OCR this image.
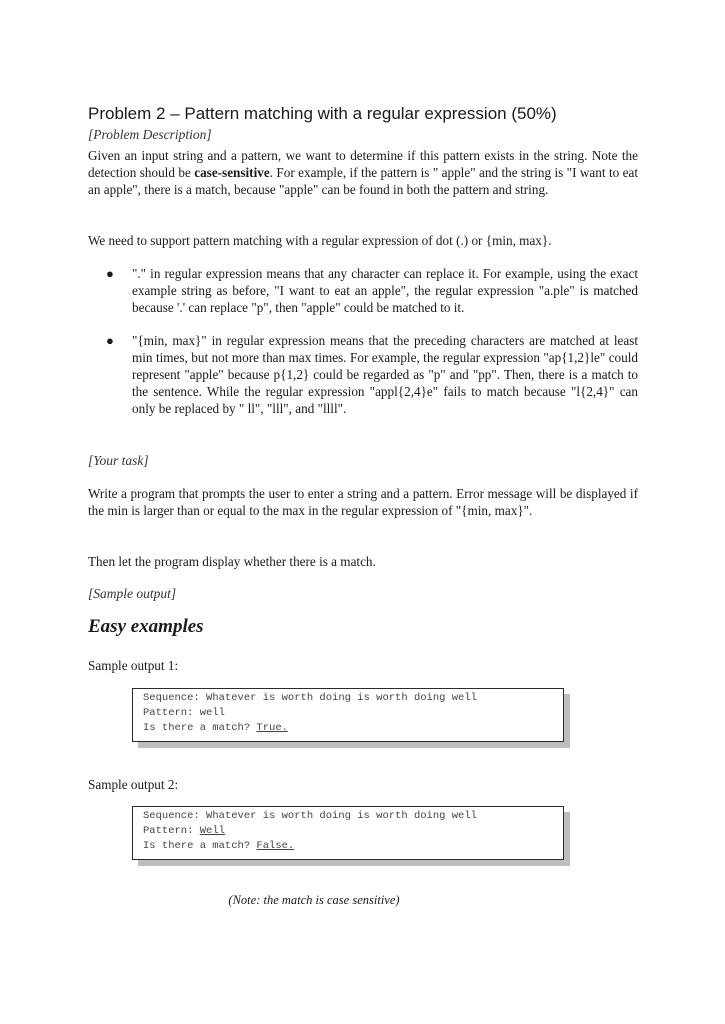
Problem 2 – Pattern matching with a regular expression (50%)
[Problem Description]

Given an input string and a pattern, we want to determine if this pattern exists in the string. Note the detection should be case-sensitive. For example, if the pattern is " apple" and the string is "I want to eat an apple", there is a match, because "apple" can be found in both the pattern and string.

We need to support pattern matching with a regular expression of dot (.) or {min, max}.

● "." in regular expression means that any character can replace it. For example, using the exact example string as before, "I want to eat an apple", the regular expression "a.ple" is matched because '.' can replace "p", then "apple" could be matched to it.
● "{min, max}" in regular expression means that the preceding characters are matched at least min times, but not more than max times. For example, the regular expression "ap{1,2}le" could represent "apple" because p{1,2} could be regarded as "p" and "pp". Then, there is a match to the sentence. While the regular expression "appl{2,4}e" fails to match because "l{2,4}" can only be replaced by " ll", "lll", and "llll".
[Your task]

Write a program that prompts the user to enter a string and a pattern. Error message will be displayed if the min is larger than or equal to the max in the regular expression of "{min, max}".

Then let the program display whether there is a match.

[Sample output]
Easy examples

Sample output 1:

Sequence: Whatever is worth doing is worth doing well
Pattern: well
Is there a match? True.

Sample output 2:

Sequence: Whatever is worth doing is worth doing well
Pattern: Well
Is there a match? False.
(Note: the match is case sensitive)
